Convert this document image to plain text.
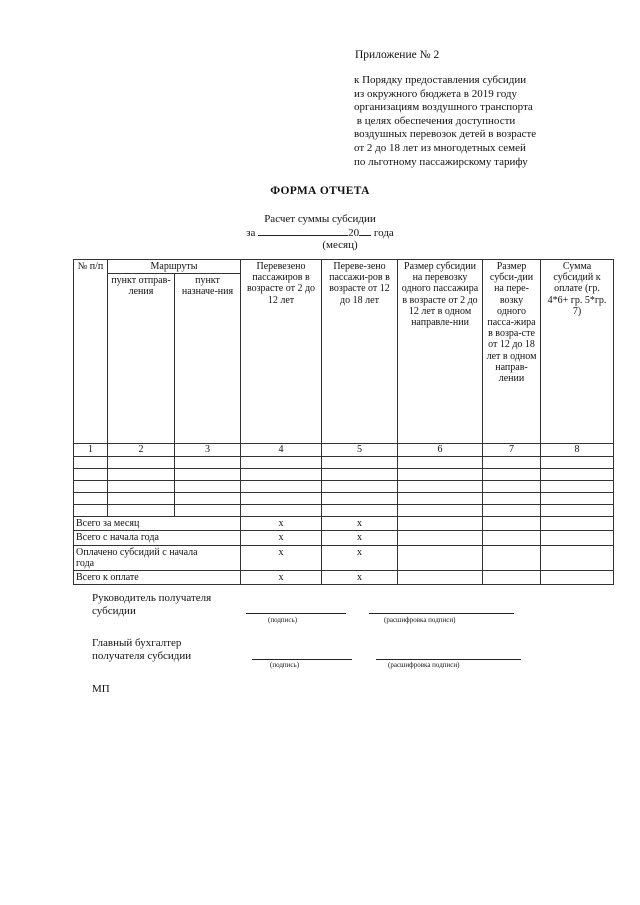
Приложение № 2
к Порядку предоставления субсидии
из окружного бюджета в 2019 году
организациям воздушного транспорта
в целях обеспечения доступности
воздушных перевозок детей в возрасте
от 2 до 18 лет из многодетных семей
по льготному пассажирскому тарифу
ФОРМА ОТЧЕТА
Расчет суммы субсидии
за	20 года
(месяц)
№ п/п	Маршруты		Перевезено пассажиров в возрасте от 2 до 12 лет	Переве-зено пассажи-ров в возрасте от 12 до 18 лет	Размер субсидии на перевозку одного пассажира в возрасте от 2 до 12 лет в одном направле-нии	Размер субси-дии на пере-возку одного пасса-жира в возра-сте от 12 до 18 лет в одном направ-лении	Сумма субсидий к оплате (гр. 4*6+ гр. 5*гр. 7)
	пункт отправ-ления	пункт назначе-ния					
1	2	3	4	5	6	7	8

Всего за месяц			х	х			
Всего с начала года			х	х			
Оплачено субсидий с начала года			х	х			
Всего к оплате			х	х			
Руководитель получателя субсидии
(подпись)	(расшифровка подписи)
Главный бухгалтер получателя субсидии
(подпись)	(расшифровка подписи)
МП
